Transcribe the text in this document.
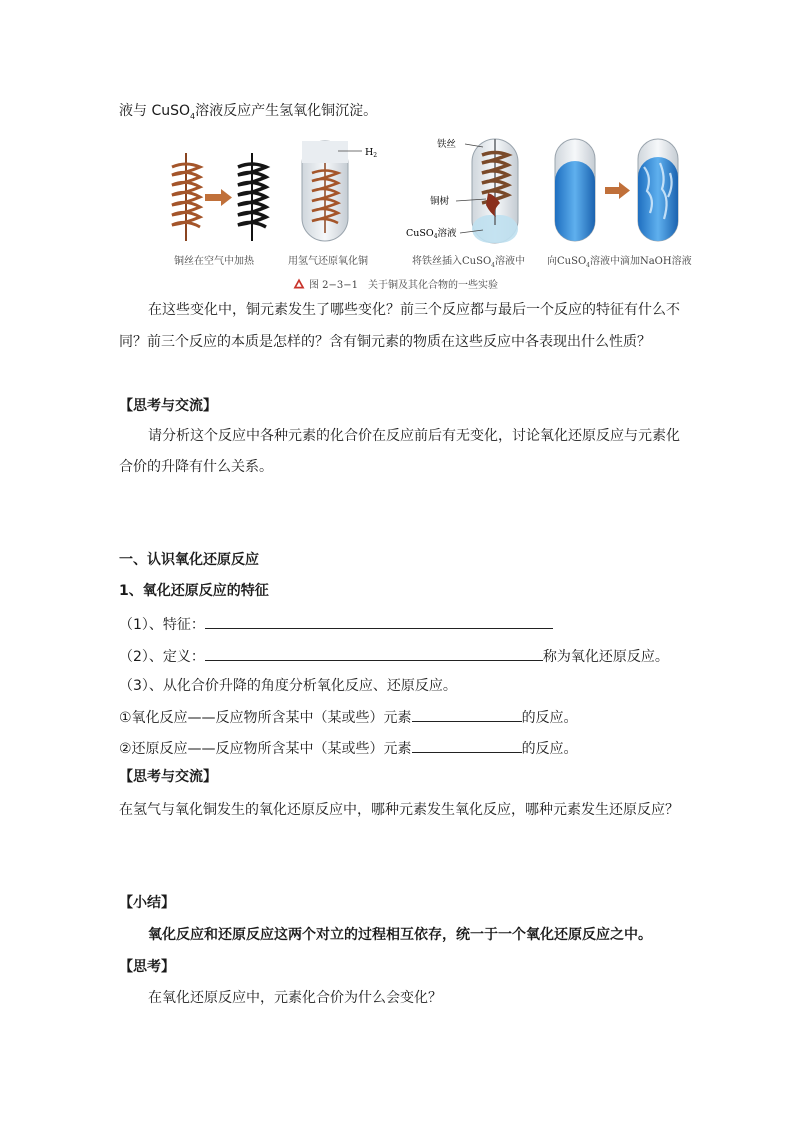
液与 CuSO$_4$溶液反应产生氢氧化铜沉淀。
$H_2$
铁丝
铜树
CuSO$_4$溶液
铜丝在空气中加热	用氢气还原氧化铜	将铁丝插入CuSO$_4$溶液中 向CuSO$_4$溶液中滴加NaOH溶液
图 2−3−1　关于铜及其化合物的一些实验
在这些变化中，铜元素发生了哪些变化？前三个反应都与最后一个反应的特征有什么不
同？前三个反应的本质是怎样的？含有铜元素的物质在这些反应中各表现出什么性质？
【思考与交流】
请分析这个反应中各种元素的化合价在反应前后有无变化，讨论氧化还原反应与元素化
合价的升降有什么关系。
一、认识氧化还原反应
1、氧化还原反应的特征
（1）、特征：
（2）、定义：	称为氧化还原反应。
（3）、从化合价升降的角度分析氧化反应、还原反应。
①氧化反应——反应物所含某中（某或些）元素	的反应。
②还原反应——反应物所含某中（某或些）元素	的反应。
【思考与交流】
在氢气与氧化铜发生的氧化还原反应中，哪种元素发生氧化反应，哪种元素发生还原反应？
【小结】
氧化反应和还原反应这两个对立的过程相互依存，统一于一个氧化还原反应之中。
【思考】
在氧化还原反应中，元素化合价为什么会变化？
